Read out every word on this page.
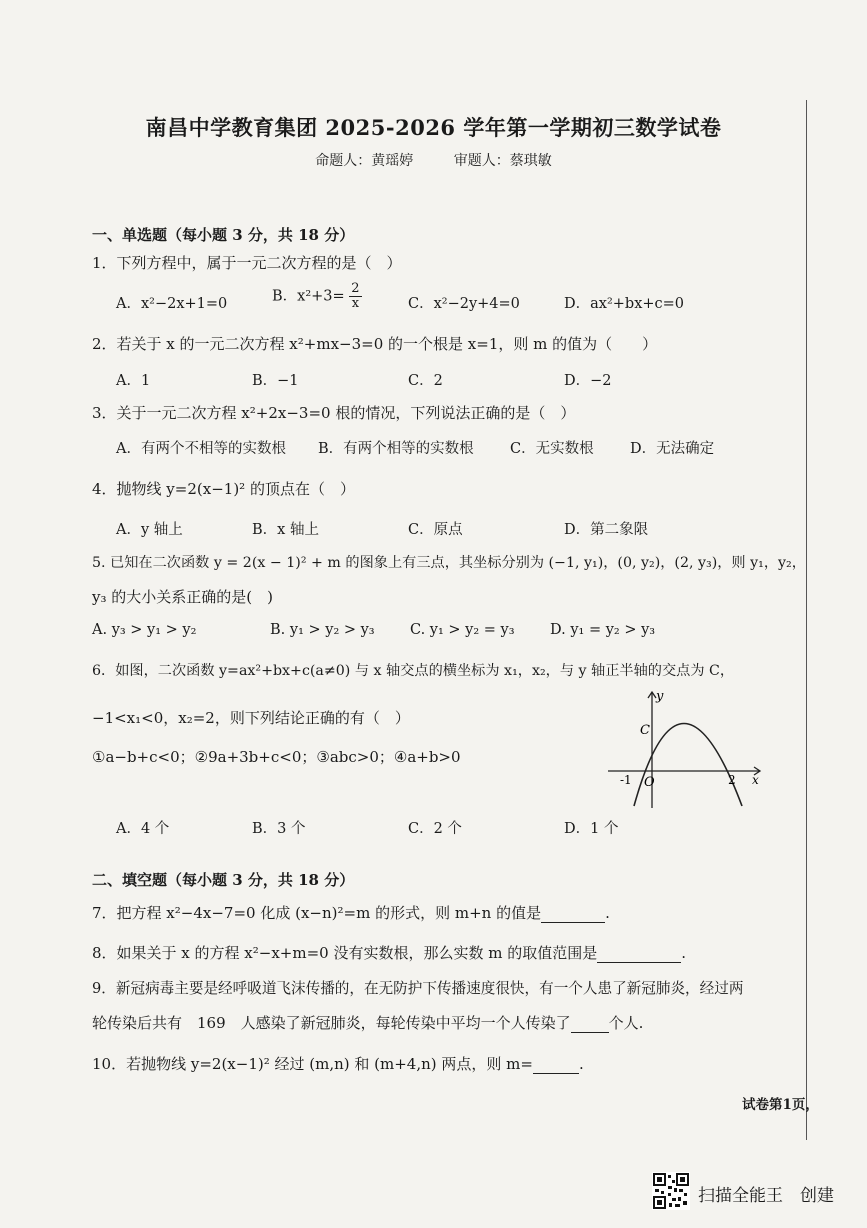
南昌中学教育集团 2025-2026 学年第一学期初三数学试卷
命题人：黄瑶婷	审题人：蔡琪敏
一、单选题（每小题 3 分，共 18 分）
1．下列方程中，属于一元二次方程的是（　）
A．x²−2x+1=0	B．$x^2+3= \frac{2}{x}$	C．x²−2y+4=0	D．ax²+bx+c=0
2．若关于 x 的一元二次方程 x²+mx−3=0 的一个根是 x=1，则 m 的值为（　　）
A．1	B．−1	C．2	D．−2
3．关于一元二次方程 x²+2x−3=0 根的情况，下列说法正确的是（　）
A．有两个不相等的实数根 B．有两个相等的实数根	C．无实数根	D．无法确定
4．抛物线 y=2(x−1)² 的顶点在（　）
A．y 轴上	B．x 轴上	C．原点	D．第二象限
5. 已知在二次函数 y = 2(x − 1)² + m 的图象上有三点，其坐标分别为 (−1, y₁)，(0, y₂)，(2, y₃)，则 y₁，y₂，
y₃ 的大小关系正确的是(　)
A. y₃ > y₁ > y₂	B. y₁ > y₂ > y₃ C. y₁ > y₂ = y₃ D. y₁ = y₂ > y₃
6．如图，二次函数 y=ax²+bx+c(a≠0) 与 x 轴交点的横坐标为 x₁，x₂，与 y 轴正半轴的交点为 C，
−1<x₁<0，x₂=2，则下列结论正确的有（　）
①a−b+c<0；②9a+3b+c<0；③abc>0；④a+b>0
y
x
C
O
-1	2
A．4 个	B．3 个	C．2 个	D．1 个
二、填空题（每小题 3 分，共 18 分）
7．把方程 x²−4x−7=0 化成 (x−n)²=m 的形式，则 m+n 的值是	.
8．如果关于 x 的方程 x²−x+m=0 没有实数根，那么实数 m 的取值范围是	.
9．新冠病毒主要是经呼吸道飞沫传播的，在无防护下传播速度很快，有一个人患了新冠肺炎，经过两
轮传染后共有　169　人感染了新冠肺炎，每轮传染中平均一个人传染了	个人.
10．若抛物线 y=2(x−1)² 经过 (m,n) 和 (m+4,n) 两点，则 m=	.
试卷第1页，
扫描全能王　创建
